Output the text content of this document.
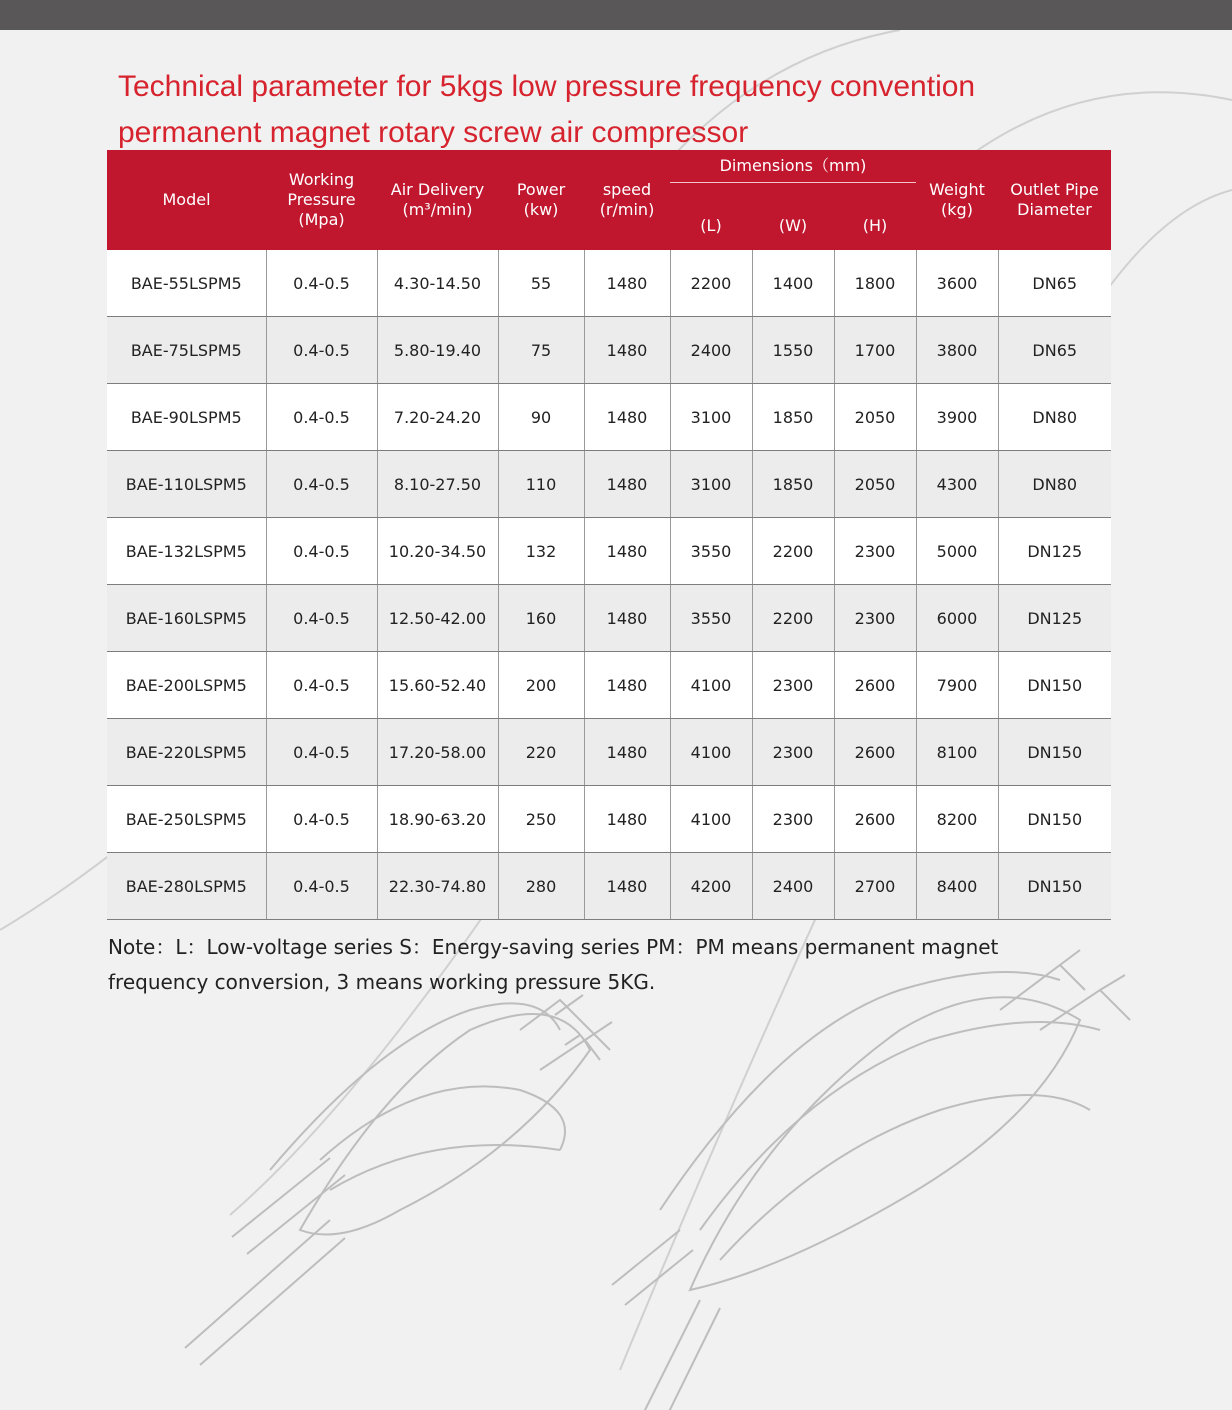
Technical parameter for 5kgs low pressure frequency convention permanent magnet rotary screw air compressor
Model	Working Pressure (Mpa)	Air Delivery (m³/min)	Power (kw)	speed (r/min)	Dimensions（mm)			Weight (kg)	Outlet Pipe Diameter
					(L)	(W)	(H)		
BAE-55LSPM5	0.4-0.5	4.30-14.50	55	1480	2200	1400	1800	3600	DN65
BAE-75LSPM5	0.4-0.5	5.80-19.40	75	1480	2400	1550	1700	3800	DN65
BAE-90LSPM5	0.4-0.5	7.20-24.20	90	1480	3100	1850	2050	3900	DN80
BAE-110LSPM5	0.4-0.5	8.10-27.50	110	1480	3100	1850	2050	4300	DN80
BAE-132LSPM5	0.4-0.5	10.20-34.50	132	1480	3550	2200	2300	5000	DN125
BAE-160LSPM5	0.4-0.5	12.50-42.00	160	1480	3550	2200	2300	6000	DN125
BAE-200LSPM5	0.4-0.5	15.60-52.40	200	1480	4100	2300	2600	7900	DN150
BAE-220LSPM5	0.4-0.5	17.20-58.00	220	1480	4100	2300	2600	8100	DN150
BAE-250LSPM5	0.4-0.5	18.90-63.20	250	1480	4100	2300	2600	8200	DN150
BAE-280LSPM5	0.4-0.5	22.30-74.80	280	1480	4200	2400	2700	8400	DN150
Note：L：Low-voltage series S：Energy-saving series PM：PM means permanent magnet frequency conversion, 3 means working pressure 5KG.
